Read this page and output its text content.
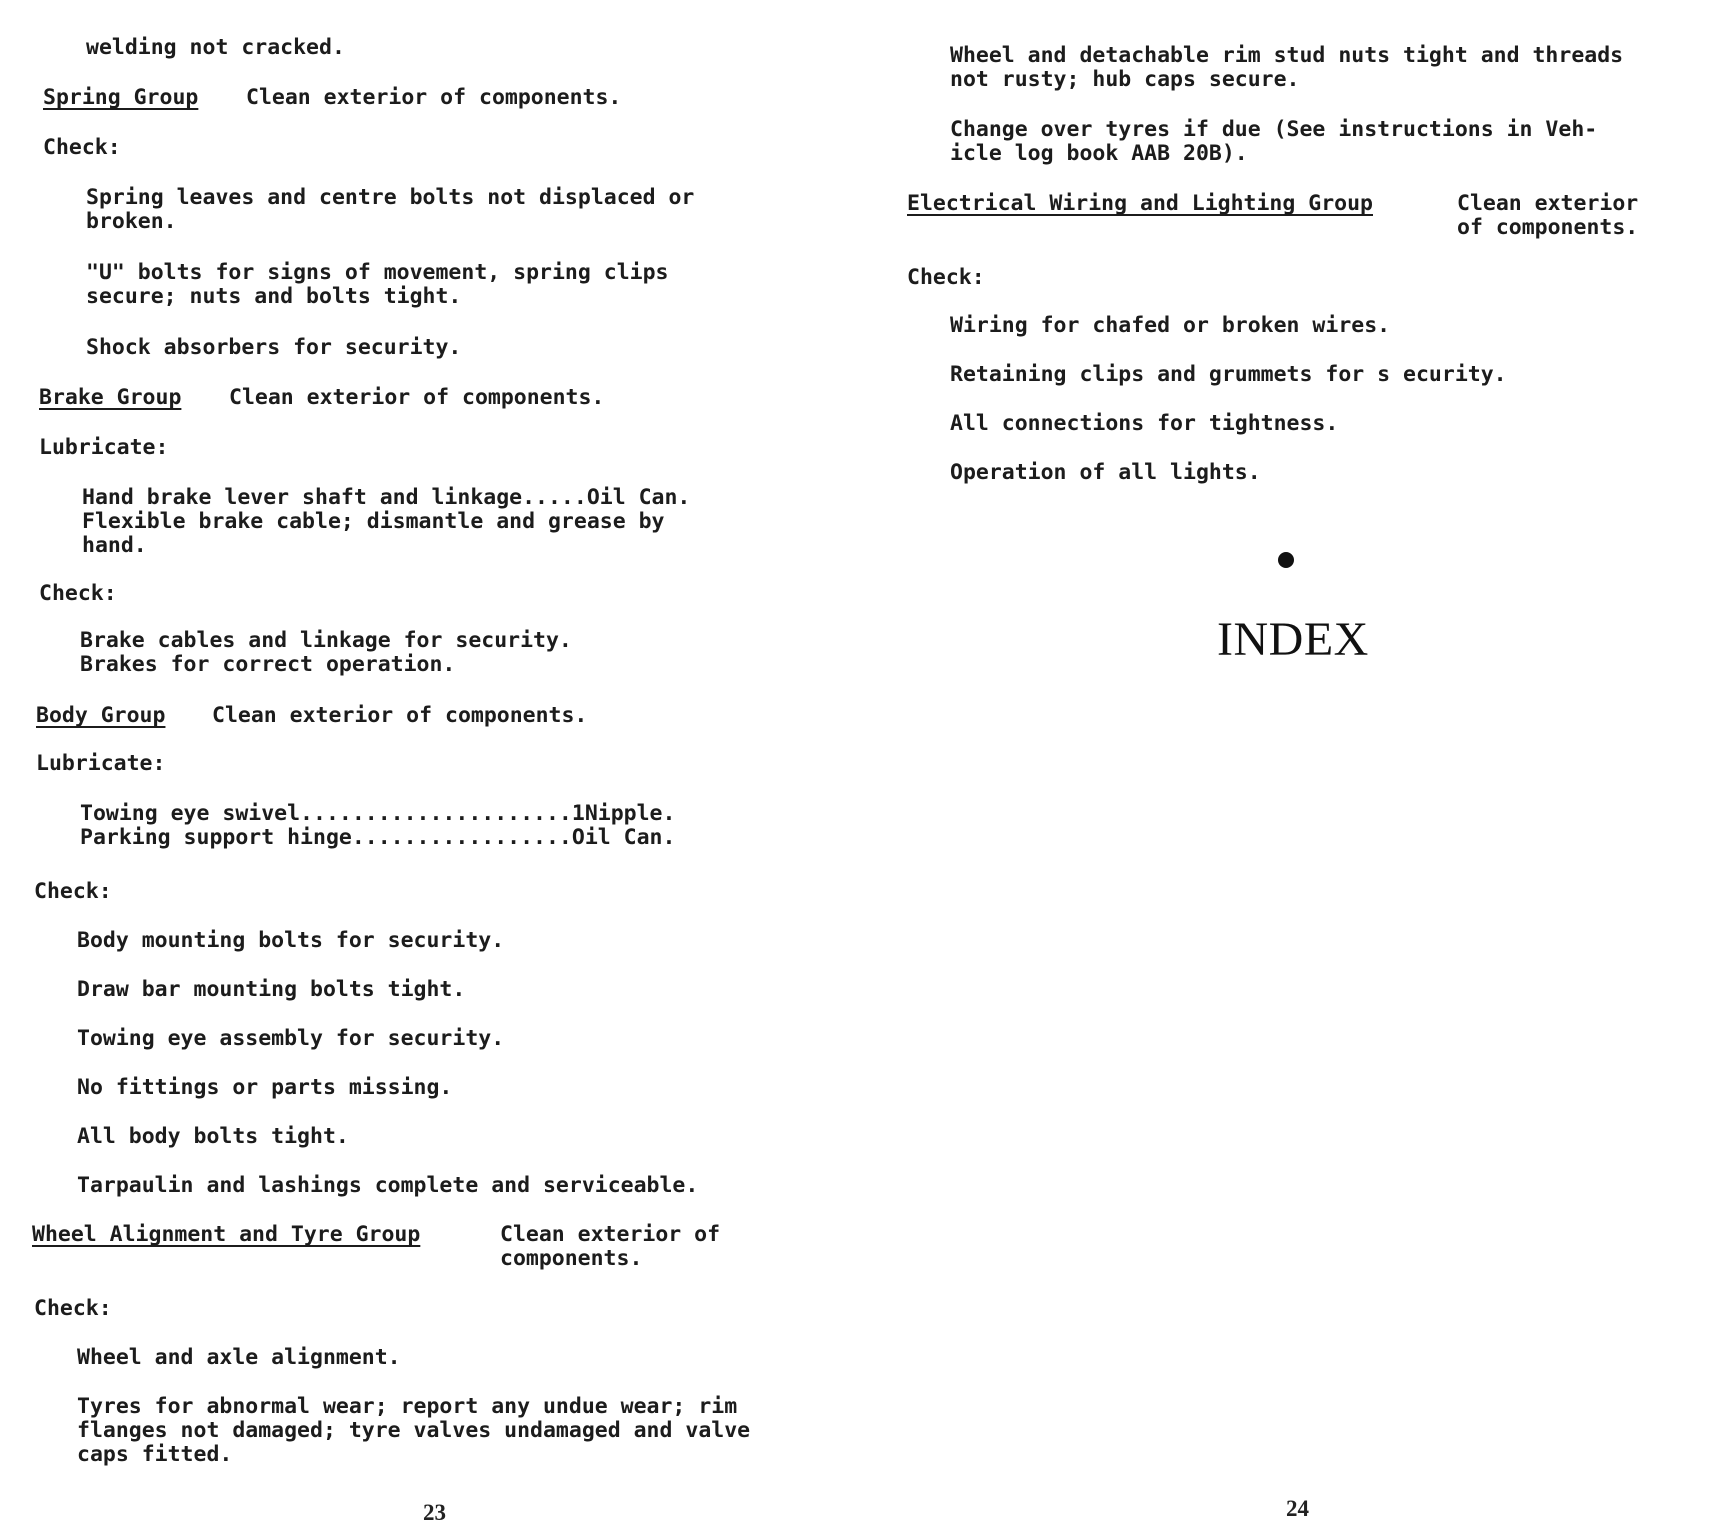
welding not cracked.

Spring Group Clean exterior of components.

Check:

Spring leaves and centre bolts not displaced or
broken.

"U" bolts for signs of movement, spring clips
secure; nuts and bolts tight.

Shock absorbers for security.

Brake Group Clean exterior of components.

Lubricate:

Hand brake lever shaft and linkage.....Oil Can.
Flexible brake cable; dismantle and grease by
hand.

Check:

Brake cables and linkage for security.
Brakes for correct operation.

Body Group Clean exterior of components.

Lubricate:

Towing eye swivel.....................1Nipple.
Parking support hinge.................Oil Can.

Check:

Body mounting bolts for security.

Draw bar mounting bolts tight.

Towing eye assembly for security.

No fittings or parts missing.

All body bolts tight.

Tarpaulin and lashings complete and serviceable.

Wheel Alignment and Tyre Group	Clean exterior of
components.

Check:

Wheel and axle alignment.

Tyres for abnormal wear; report any undue wear; rim
flanges not damaged; tyre valves undamaged and valve
caps fitted.

23

Wheel and detachable rim stud nuts tight and threads
not rusty; hub caps secure.

Change over tyres if due (See instructions in Veh-
icle log book AAB 20B).

Electrical Wiring and Lighting Group	Clean exterior
of components.

Check:

Wiring for chafed or broken wires.

Retaining clips and grummets for s ecurity.

All connections for tightness.

Operation of all lights.

INDEX

24
